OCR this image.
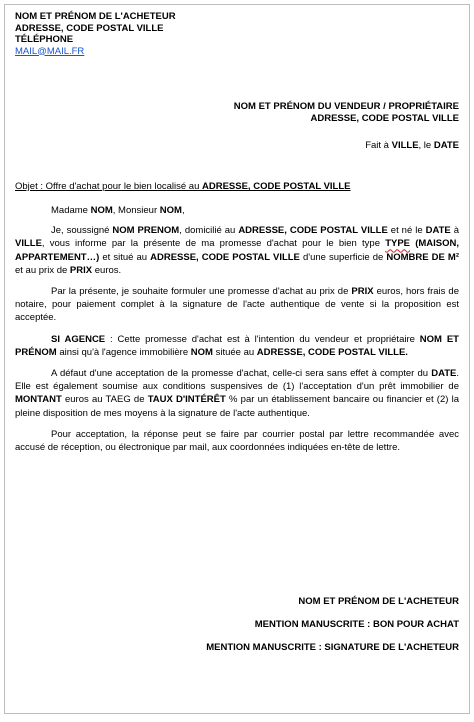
NOM ET PRÉNOM DE L'ACHETEUR
ADRESSE, CODE POSTAL VILLE
TÉLÉPHONE
MAIL@MAIL.FR
NOM ET PRÉNOM DU VENDEUR / PROPRIÉTAIRE
ADRESSE, CODE POSTAL VILLE
Fait à VILLE, le DATE
Objet : Offre d'achat pour le bien localisé au ADRESSE, CODE POSTAL VILLE

Madame NOM, Monsieur NOM,

Je, soussigné NOM PRENOM, domicilié au ADRESSE, CODE POSTAL VILLE et né le DATE à VILLE, vous informe par la présente de ma promesse d'achat pour le bien type TYPE (MAISON, APPARTEMENT…) et situé au ADRESSE, CODE POSTAL VILLE d'une superficie de NOMBRE DE M² et au prix de PRIX euros.

Par la présente, je souhaite formuler une promesse d'achat au prix de PRIX euros, hors frais de notaire, pour paiement complet à la signature de l'acte authentique de vente si la proposition est acceptée.

SI AGENCE : Cette promesse d'achat est à l'intention du vendeur et propriétaire NOM ET PRÉNOM ainsi qu'à l'agence immobilière NOM située au ADRESSE, CODE POSTAL VILLE.

A défaut d'une acceptation de la promesse d'achat, celle-ci sera sans effet à compter du DATE. Elle est également soumise aux conditions suspensives de (1) l'acceptation d'un prêt immobilier de MONTANT euros au TAEG de TAUX D'INTÉRÊT % par un établissement bancaire ou financier et (2) la pleine disposition de mes moyens à la signature de l'acte authentique.

Pour acceptation, la réponse peut se faire par courrier postal par lettre recommandée avec accusé de réception, ou électronique par mail, aux coordonnées indiquées en-tête de lettre.

NOM ET PRÉNOM DE L'ACHETEUR
MENTION MANUSCRITE : BON POUR ACHAT
MENTION MANUSCRITE : SIGNATURE DE L'ACHETEUR
